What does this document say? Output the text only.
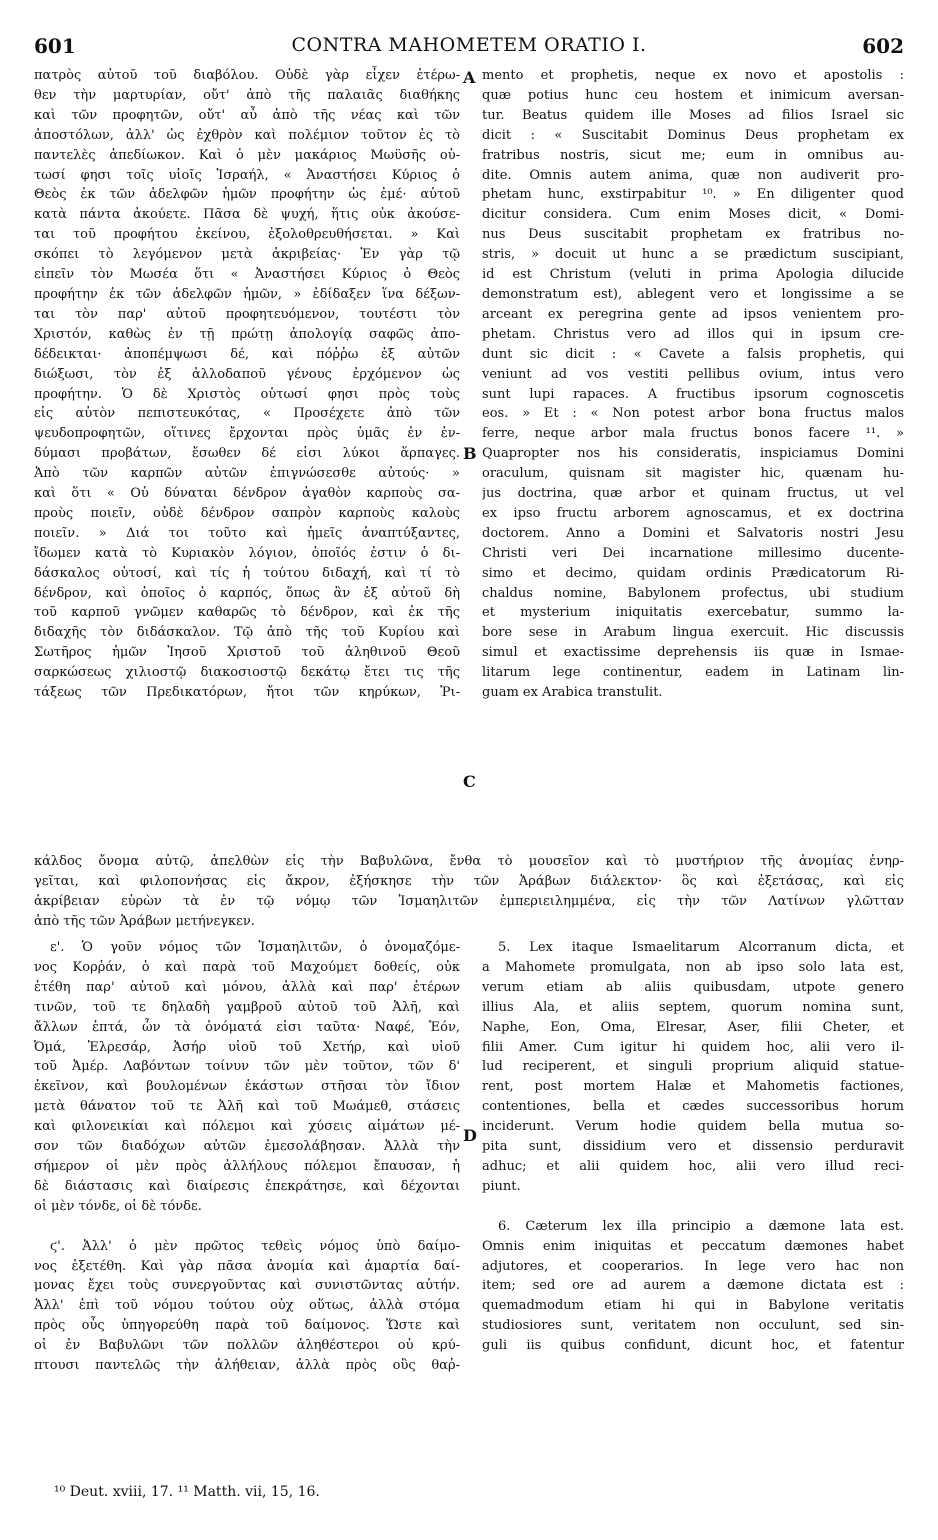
601	CONTRA MAHOMETEM ORATIO I.	602
πατρὸς αὐτοῦ τοῦ διαβόλου. Οὐδὲ γὰρ εἶχεν ἑτέρω-
θεν τὴν μαρτυρίαν, οὔτ' ἀπὸ τῆς παλαιᾶς διαθήκης
καὶ τῶν προφητῶν, οὔτ' αὖ ἀπὸ τῆς νέας καὶ τῶν
ἀποστόλων, ἀλλ' ὡς ἐχθρὸν καὶ πολέμιον τοῦτον ἐς τὸ
παντελὲς ἀπεδίωκον. Καὶ ὁ μὲν μακάριος Μωϋσῆς οὑ-
τωσί φησι τοῖς υἱοῖς Ἰσραήλ, « Ἀναστήσει Κύριος ὁ
Θεὸς ἐκ τῶν ἀδελφῶν ἡμῶν προφήτην ὡς ἐμέ· αὐτοῦ
κατὰ πάντα ἀκούετε. Πᾶσα δὲ ψυχή, ἥτις οὐκ ἀκούσε-
ται τοῦ προφήτου ἐκείνου, ἐξολοθρευθήσεται. » Καὶ
σκόπει τὸ λεγόμενον μετὰ ἀκριβείας· Ἐν γὰρ τῷ
εἰπεῖν τὸν Μωσέα ὅτι « Ἀναστήσει Κύριος ὁ Θεὸς
προφήτην ἐκ τῶν ἀδελφῶν ἡμῶν, » ἐδίδαξεν ἵνα δέξων-
ται τὸν παρ' αὐτοῦ προφητευόμενον, τουτέστι τὸν
Χριστόν, καθὼς ἐν τῇ πρώτῃ ἀπολογίᾳ σαφῶς ἀπο-
δέδεικται· ἀποπέμψωσι δέ, καὶ πόῤῥω ἐξ αὐτῶν
διώξωσι, τὸν ἐξ ἀλλοδαποῦ γένους ἐρχόμενον ὡς
προφήτην. Ὁ δὲ Χριστὸς οὑτωσί φησι πρὸς τοὺς
εἰς αὐτὸν πεπιστευκότας, « Προσέχετε ἀπὸ τῶν
ψευδοπροφητῶν, οἵτινες ἔρχονται πρὸς ὑμᾶς ἐν ἐν-
δύμασι προβάτων, ἔσωθεν δέ εἰσι λύκοι ἅρπαγες.
Ἀπὸ τῶν καρπῶν αὐτῶν ἐπιγνώσεσθε αὐτούς· »
καὶ ὅτι « Οὐ δύναται δένδρον ἀγαθὸν καρποὺς σα-
προὺς ποιεῖν, οὐδὲ δένδρον σαπρὸν καρποὺς καλοὺς
ποιεῖν. » Διά τοι τοῦτο καὶ ἡμεῖς ἀναπτύξαντες,
ἴδωμεν κατὰ τὸ Κυριακὸν λόγιον, ὁποῖός ἐστιν ὁ δι-
δάσκαλος οὑτοσί, καὶ τίς ἡ τούτου διδαχή, καὶ τί τὸ
δένδρον, καὶ ὁποῖος ὁ καρπός, ὅπως ἂν ἐξ αὐτοῦ δὴ
τοῦ καρποῦ γνῶμεν καθαρῶς τὸ δένδρον, καὶ ἐκ τῆς
διδαχῆς τὸν διδάσκαλον. Τῷ ἀπὸ τῆς τοῦ Κυρίου καὶ
Σωτῆρος ἡμῶν Ἰησοῦ Χριστοῦ τοῦ ἀληθινοῦ Θεοῦ
σαρκώσεως χιλιοστῷ διακοσιοστῷ δεκάτῳ ἔτει τις τῆς
τάξεως τῶν Πρεδικατόρων, ἤτοι τῶν κηρύκων, Ῥι-
mento et prophetis, neque ex novo et apostolis :
quæ potius hunc ceu hostem et inimicum aversan-
tur. Beatus quidem ille Moses ad filios Israel sic
dicit : « Suscitabit Dominus Deus prophetam ex
fratribus nostris, sicut me; eum in omnibus au-
dite. Omnis autem anima, quæ non audiverit pro-
phetam hunc, exstirpabitur ¹⁰. » En diligenter quod
dicitur considera. Cum enim Moses dicit, « Domi-
nus Deus suscitabit prophetam ex fratribus no-
stris, » docuit ut hunc a se prædictum suscipiant,
id est Christum (veluti in prima Apologia dilucide
demonstratum est), ablegent vero et longissime a se
arceant ex peregrina gente ad ipsos venientem pro-
phetam. Christus vero ad illos qui in ipsum cre-
dunt sic dicit : « Cavete a falsis prophetis, qui
veniunt ad vos vestiti pellibus ovium, intus vero
sunt lupi rapaces. A fructibus ipsorum cognoscetis
eos. » Et : « Non potest arbor bona fructus malos
ferre, neque arbor mala fructus bonos facere ¹¹. »
Quapropter nos his consideratis, inspiciamus Domini
oraculum, quisnam sit magister hic, quænam hu-
jus doctrina, quæ arbor et quinam fructus, ut vel
ex ipso fructu arborem agnoscamus, et ex doctrina
doctorem. Anno a Domini et Salvatoris nostri Jesu
Christi veri Dei incarnatione millesimo ducente-
simo et decimo, quidam ordinis Prædicatorum Ri-
chaldus nomine, Babylonem profectus, ubi studium
et mysterium iniquitatis exercebatur, summo la-
bore sese in Arabum lingua exercuit. Hic discussis
simul et exactissime deprehensis iis quæ in Ismae-
litarum lege continentur, eadem in Latinam lin-
guam ex Arabica transtulit.
κάλδος ὄνομα αὐτῷ, ἀπελθὼν εἰς τὴν Βαβυλῶνα, ἔνθα τὸ μουσεῖον καὶ τὸ μυστήριον τῆς ἀνομίας ἐνηρ-
γεῖται, καὶ φιλοπονήσας εἰς ἄκρον, ἐξήσκησε τὴν τῶν Ἀράβων διάλεκτον· ὃς καὶ ἐξετάσας, καὶ εἰς
ἀκρίβειαν εὑρὼν τὰ ἐν τῷ νόμῳ τῶν Ἰσμαηλιτῶν ἐμπεριειλημμένα, εἰς τὴν τῶν Λατίνων γλῶτταν
ἀπὸ τῆς τῶν Ἀράβων μετήνεγκεν.
ε'. Ὁ γοῦν νόμος τῶν Ἰσμαηλιτῶν, ὁ ὀνομαζόμε-
νος Κορῥάν, ὁ καὶ παρὰ τοῦ Μαχούμετ δοθείς, οὐκ
ἐτέθη παρ' αὐτοῦ καὶ μόνου, ἀλλὰ καὶ παρ' ἑτέρων
τινῶν, τοῦ τε δηλαδὴ γαμβροῦ αὐτοῦ τοῦ Ἀλῆ, καὶ
ἄλλων ἑπτά, ὧν τὰ ὀνόματά εἰσι ταῦτα· Ναφέ, Ἐόν,
Ὀμά, Ἐλρεσάρ, Ἀσήρ υἱοῦ τοῦ Χετήρ, καὶ υἱοῦ
τοῦ Ἀμέρ. Λαβόντων τοίνυν τῶν μὲν τοῦτον, τῶν δ'
ἐκεῖνον, καὶ βουλομένων ἑκάστων στῆσαι τὸν ἴδιον
μετὰ θάνατον τοῦ τε Ἀλῆ καὶ τοῦ Μωάμεθ, στάσεις
καὶ φιλονεικίαι καὶ πόλεμοι καὶ χύσεις αἱμάτων μέ-
σον τῶν διαδόχων αὐτῶν ἐμεσολάβησαν. Ἀλλὰ τὴν
σήμερον οἱ μὲν πρὸς ἀλλήλους πόλεμοι ἔπαυσαν, ἡ
δὲ διάστασις καὶ διαίρεσις ἐπεκράτησε, καὶ δέχονται
οἱ μὲν τόνδε, οἱ δὲ τόνδε.

ϛ'. Ἀλλ' ὁ μὲν πρῶτος τεθεὶς νόμος ὑπὸ δαίμο-
νος ἐξετέθη. Καὶ γὰρ πᾶσα ἀνομία καὶ ἁμαρτία δαί-
μονας ἔχει τοὺς συνεργοῦντας καὶ συνιστῶντας αὐτήν.
Ἀλλ' ἐπὶ τοῦ νόμου τούτου οὐχ οὕτως, ἀλλὰ στόμα
πρὸς οὖς ὑπηγορεύθη παρὰ τοῦ δαίμονος. Ὥστε καὶ
οἱ ἐν Βαβυλῶνι τῶν πολλῶν ἀληθέστεροι οὐ κρύ-
πτουσι παντελῶς τὴν ἀλήθειαν, ἀλλὰ πρὸς οὓς θαῤ-
5. Lex itaque Ismaelitarum Alcorranum dicta, et
a Mahomete promulgata, non ab ipso solo lata est,
verum etiam ab aliis quibusdam, utpote genero
illius Ala, et aliis septem, quorum nomina sunt,
Naphe, Eon, Oma, Elresar, Aser, filii Cheter, et
filii Amer. Cum igitur hi quidem hoc, alii vero il-
lud reciperent, et singuli proprium aliquid statue-
rent, post mortem Halæ et Mahometis factiones,
contentiones, bella et cædes successoribus horum
inciderunt. Verum hodie quidem bella mutua so-
pita sunt, dissidium vero et dissensio perduravit
adhuc; et alii quidem hoc, alii vero illud reci-
piunt.

6. Cæterum lex illa principio a dæmone lata est.
Omnis enim iniquitas et peccatum dæmones habet
adjutores, et cooperarios. In lege vero hac non
item; sed ore ad aurem a dæmone dictata est :
quemadmodum etiam hi qui in Babylone veritatis
studiosiores sunt, veritatem non occulunt, sed sin-
guli iis quibus confidunt, dicunt hoc, et fatentur
A
B
C
D
¹⁰ Deut. xviii, 17. ¹¹ Matth. vii, 15, 16.
